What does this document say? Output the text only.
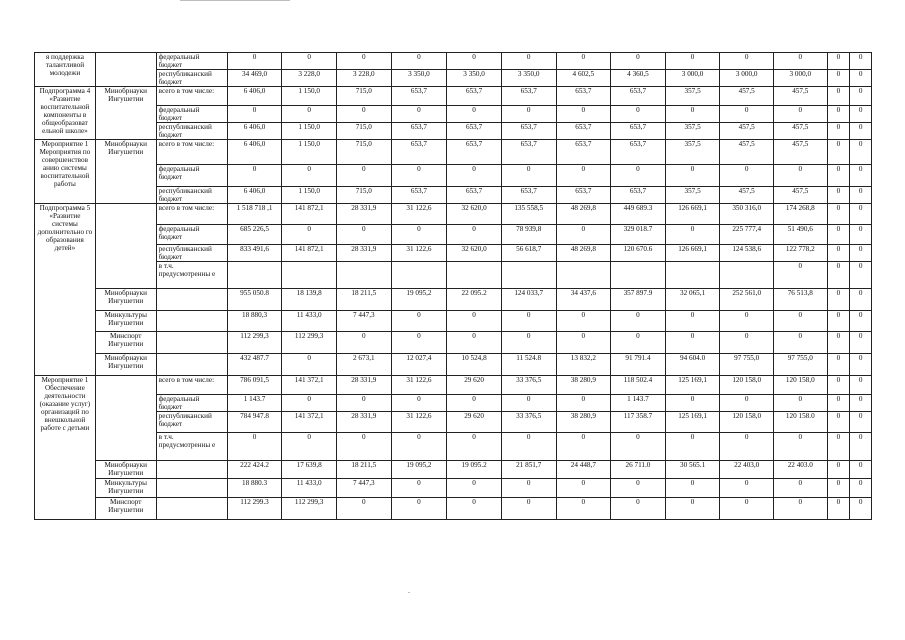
я поддержка талантливой молодежи		федеральный бюджет	0	0	0	0	0	0	0	0	0	0	0	0	0
		республиканский бюджет	34 469,0	3 228,0	3 228,0	3 350,0	3 350,0	3 350,0	4 602,5	4 360,5	3 000,0	3 000,0	3 000,0	0	0
Подпрограмма 4 «Развитие воспитательной компоненты в общеобразоват ельной школе»	Минобрнауки Ингушетии	всего в том числе:	6 406,0	1 150,0	715,0	653,7	653,7	653,7	653,7	653,7	357,5	457,5	457,5	0	0
		федеральный бюджет	0	0	0	0	0	0	0	0	0	0	0	0	0
		республиканский бюджет	6 406,0	1 150,0	715,0	653,7	653,7	653,7	653,7	653,7	357,5	457,5	457,5	0	0
Мероприятие 1 Мероприятия по совершенствов анию системы воспитательной работы	Минобрнауки Ингушетии	всего в том числе:	6 406,0	1 150,0	715,0	653,7	653,7	653,7	653,7	653,7	357,5	457,5	457,5	0	0
		федеральный бюджет	0	0	0	0	0	0	0	0	0	0	0	0	0
		республиканский бюджет	6 406,0	1 150,0	715,0	653,7	653,7	653,7	653,7	653,7	357,5	457,5	457,5	0	0
Подпрограмма 5 «Развитие системы дополнительно го образования детей»		всего в том числе:	1 518 718 ,1	141 872,1	28 331,9	31 122,6	32 620,0	135 558,5	48 269,8	449 689.3	126 669,1	350 316,0	174 268,8	0	0
		федеральный бюджет	685 226,5	0	0	0	0	78 939,8	0	329 018.7	0	225 777,4	51 490,6	0	0
		республиканский бюджет	833 491,6	141 872,1	28 331,9	31 122,6	32 620,0	56 618,7	48 269,8	120 670.6	126 669,1	124 538,6	122 778,2	0	0
		в т.ч. предусмотренны е											0	0	0
	Минобрнауки Ингушетии		955 050.8	18 139,8	18 211,5	19 095,2	22 095.2	124 033,7	34 437,6	357 897.9	32 065,1	252 561,0	76 513,8	0	0
	Минкультуры Ингушетии		18 880,3	11 433,0	7 447,3	0	0	0	0	0	0	0	0	0	0
	Минспорт Ингушетии		112 299,3	112 299,3	0	0	0	0	0	0	0	0	0	0	0
	Минобрнауки Ингушетии		432 487.7	0	2 673,1	12 027,4	10 524,8	11 524.8	13 832,2	91 791.4	94 604.0	97 755,0	97 755,0	0	0
Мероприятие 1 Обеспечение деятельности (оказание услуг) организаций по внешкольной работе с детьми		всего в том числе:	786 091,5	141 372,1	28 331,9	31 122,6	29 620	33 376,5	38 280,9	118 502.4	125 169,1	120 158,0	120 158,0	0	0
		федеральный бюджет	1 143.7	0	0	0	0	0	0	1 143.7	0	0	0	0	0
		республиканский бюджет	784 947.8	141 372,1	28 331,9	31 122,6	29 620	33 376,5	38 280,9	117 358.7	125 169,1	120 158,0	120 158.0	0	0
		в т.ч. предусмотренны е	0	0	0	0	0	0	0	0	0	0	0	0	0
	Минобрнауки Ингушетии		222 424.2	17 639,8	18 211,5	19 095,2	19 095.2	21 851,7	24 448,7	26 711.0	30 565.1	22 403,0	22 403.0	0	0
	Минкультуры Ингушетии		18 880.3	11 433,0	7 447,3	0	0	0	0	0	0	0	0	0	0
	Минспорт Ингушетии		112 299.3	112 299,3	0	0	0	0	0	0	0	0	0	0	0
